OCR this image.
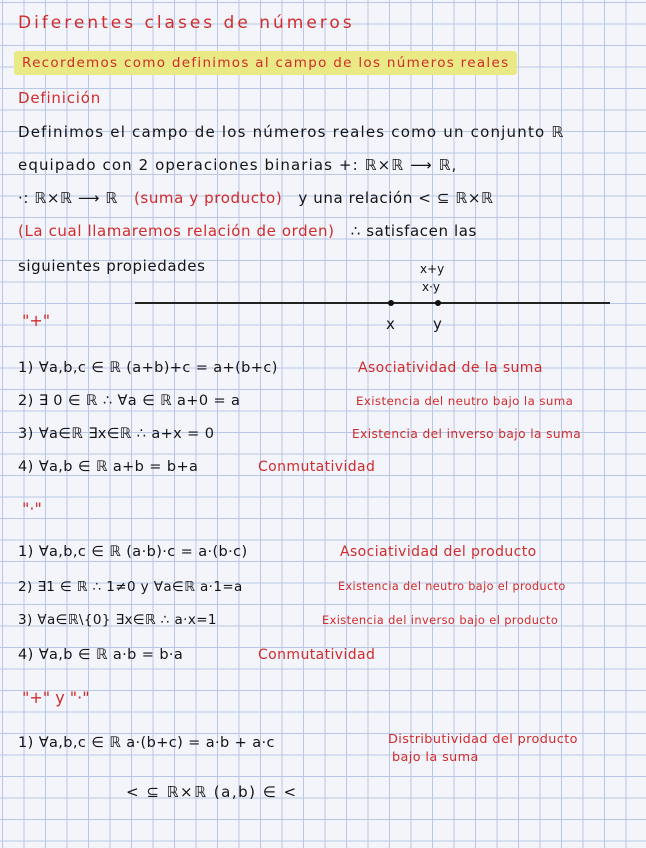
Diferentes clases de números
Recordemos como definimos al campo de los números reales
Definición
Definimos el campo de los números reales como un conjunto ℝ
equipado con 2 operaciones binarias +: ℝ×ℝ ⟶ ℝ,
·: ℝ×ℝ ⟶ ℝ (suma y producto) y una relación < ⊆ ℝ×ℝ
(La cual llamaremos relación de orden) ∴ satisfacen las
siguientes propiedades	x+y
x·y
x	y
"+"
1) ∀a,b,c ∈ ℝ (a+b)+c = a+(b+c)	Asociatividad de la suma
2) ∃ 0 ∈ ℝ ∴ ∀a ∈ ℝ a+0 = a	Existencia del neutro bajo la suma
3) ∀a∈ℝ ∃x∈ℝ ∴ a+x = 0	Existencia del inverso bajo la suma
4) ∀a,b ∈ ℝ a+b = b+a	Conmutatividad
"·"
1) ∀a,b,c ∈ ℝ (a·b)·c = a·(b·c)	Asociatividad del producto
2) ∃1 ∈ ℝ ∴ 1≠0 y ∀a∈ℝ a·1=a	Existencia del neutro bajo el producto
3) ∀a∈ℝ\{0} ∃x∈ℝ ∴ a·x=1	Existencia del inverso bajo el producto
4) ∀a,b ∈ ℝ a·b = b·a	Conmutatividad
"+" y "·"
1) ∀a,b,c ∈ ℝ a·(b+c) = a·b + a·c	Distributividad del producto
bajo la suma
< ⊆ ℝ×ℝ (a,b) ∈ <
